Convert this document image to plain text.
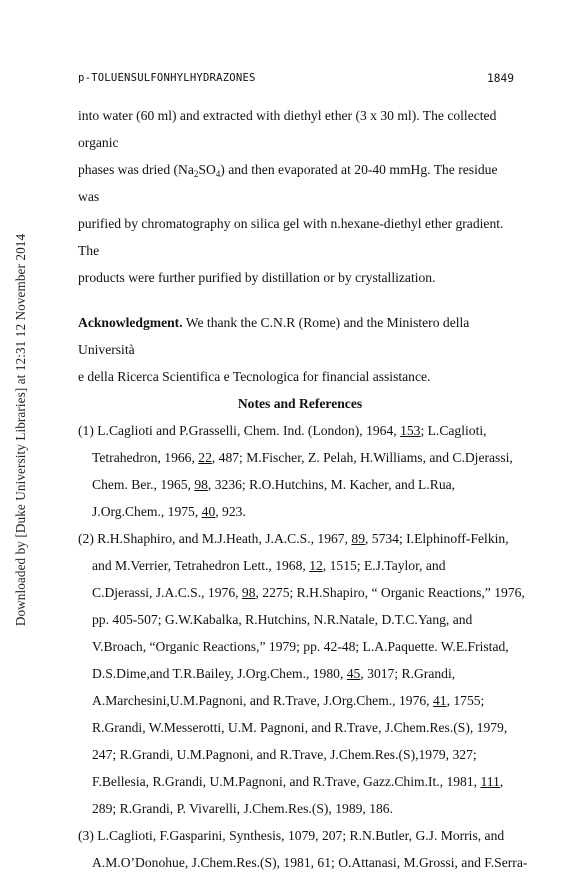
Downloaded by [Duke University Libraries] at 12:31 12 November 2014
p-TOLUENSULFONHYLHYDRAZONES	1849

into water (60 ml) and extracted with diethyl ether (3 x 30 ml). The collected organic

phases was dried $(Na_2SO_4)$ and then evaporated at 20-40 mmHg. The residue was

purified by chromatography on silica gel with n.hexane-diethyl ether gradient. The

products were further purified by distillation or by crystallization.

Acknowledgment. We thank the C.N.R (Rome) and the Ministero della Università

e della Ricerca Scientifica e Tecnologica for financial assistance.

Notes and References

(1) L.Caglioti and P.Grasselli, Chem. Ind. (London), 1964, 153; L.Caglioti,

Tetrahedron, 1966, 22, 487; M.Fischer, Z. Pelah, H.Williams, and C.Djerassi,

Chem. Ber., 1965, 98, 3236; R.O.Hutchins, M. Kacher, and L.Rua,

J.Org.Chem., 1975, 40, 923.

(2) R.H.Shaphiro, and M.J.Heath, J.A.C.S., 1967, 89, 5734; I.Elphinoff-Felkin,

and M.Verrier, Tetrahedron Lett., 1968, 12, 1515; E.J.Taylor, and

C.Djerassi, J.A.C.S., 1976, 98, 2275; R.H.Shapiro, “ Organic Reactions,” 1976,

pp. 405-507; G.W.Kabalka, R.Hutchins, N.R.Natale, D.T.C.Yang, and

V.Broach, “Organic Reactions,” 1979; pp. 42-48; L.A.Paquette. W.E.Fristad,

D.S.Dime,and T.R.Bailey, J.Org.Chem., 1980, 45, 3017; R.Grandi,

A.Marchesini,U.M.Pagnoni, and R.Trave, J.Org.Chem., 1976, 41, 1755;

R.Grandi, W.Messerotti, U.M. Pagnoni, and R.Trave, J.Chem.Res.(S), 1979,

247; R.Grandi, U.M.Pagnoni, and R.Trave, J.Chem.Res.(S),1979, 327;

F.Bellesia, R.Grandi, U.M.Pagnoni, and R.Trave, Gazz.Chim.It., 1981, 111,

289; R.Grandi, P. Vivarelli, J.Chem.Res.(S), 1989, 186.

(3) L.Caglioti, F.Gasparini, Synthesis, 1079, 207; R.N.Butler, G.J. Morris, and

A.M.O’Donohue, J.Chem.Res.(S), 1981, 61; O.Attanasi, M.Grossi, and F.Serra-
